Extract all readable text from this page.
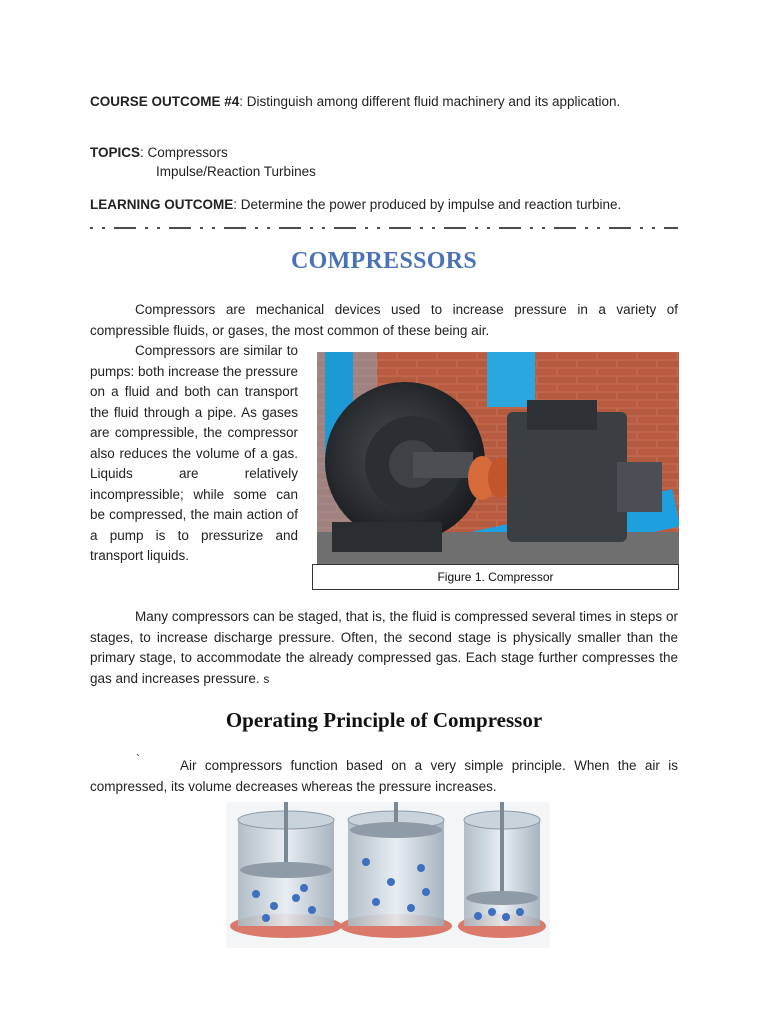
COURSE OUTCOME #4: Distinguish among different fluid machinery and its application.
TOPICS: Compressors
Impulse/Reaction Turbines
LEARNING OUTCOME: Determine the power produced by impulse and reaction turbine.
COMPRESSORS
Compressors are mechanical devices used to increase pressure in a variety of compressible fluids, or gases, the most common of these being air.
Compressors are similar to pumps: both increase the pressure on a fluid and both can transport the fluid through a pipe. As gases are compressible, the compressor also reduces the volume of a gas. Liquids are relatively incompressible; while some can be compressed, the main action of a pump is to pressurize and transport liquids.
Figure 1. Compressor
Many compressors can be staged, that is, the fluid is compressed several times in steps or stages, to increase discharge pressure. Often, the second stage is physically smaller than the primary stage, to accommodate the already compressed gas. Each stage further compresses the gas and increases pressure. s
Operating Principle of Compressor
`	Air compressors function based on a very simple principle. When the air is compressed, its volume decreases whereas the pressure increases.
